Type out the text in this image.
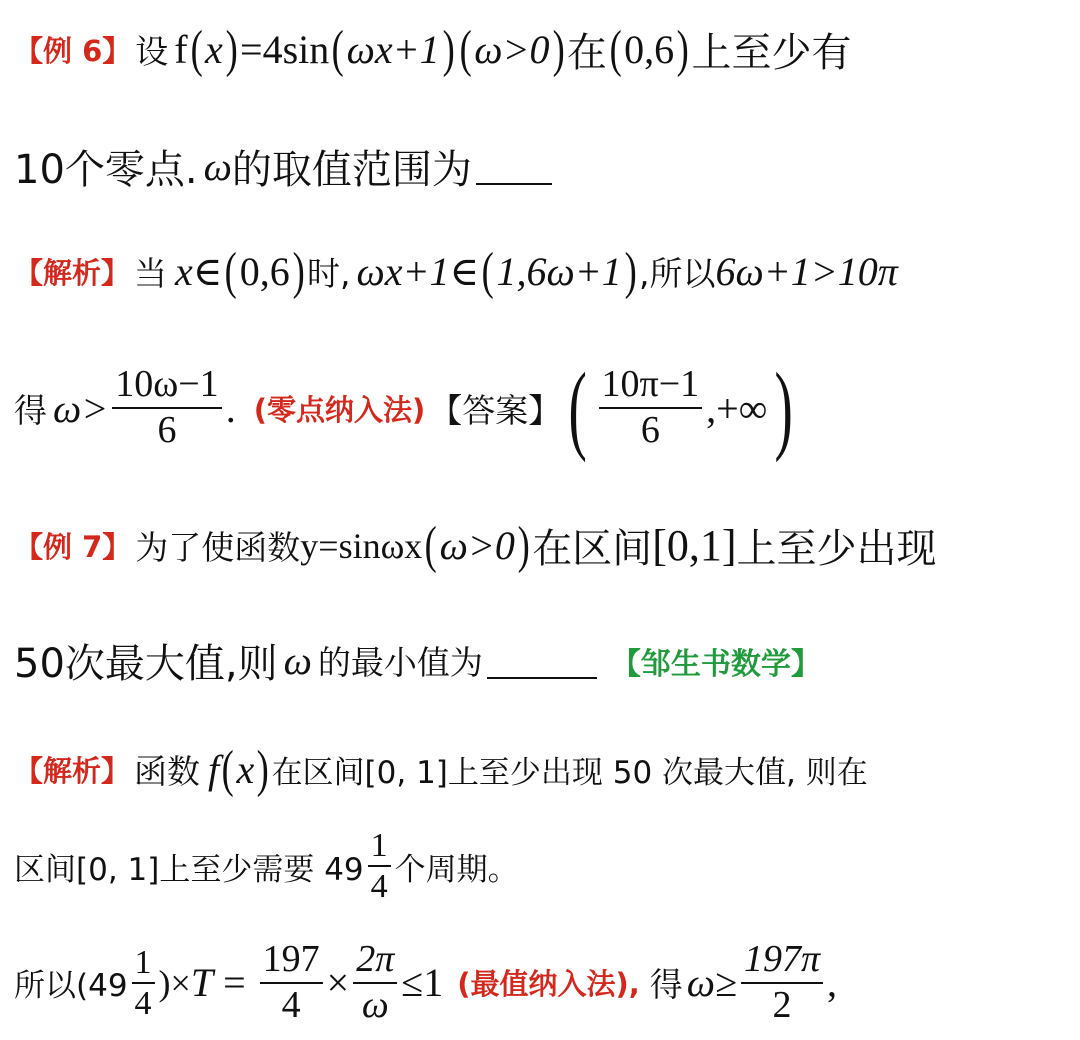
【例 6】 设 f ( x ) =4sin ( ωx+1 ) ( ω>0 ) 在 ( 0,6 ) 上至少有
10个零点. ω 的取值范围为
【解析】 当 x∈ ( 0,6 ) 时, ωx+1∈ ( 1,6ω+1 ) ,所以 6ω+1>10π
得 $\omega> \frac{10\omega-1}{6}$ . (零点纳入法) 【答案】 ( $\frac{10\pi-1}{6}$ ,+∞ )
【例 7】 为了使函数 y=sinωx ( ω>0 ) 在区间 [0,1] 上至少出现
50次最大值,则 ω 的最小值为	【邹生书数学】
【解析】 函数 f ( x ) 在区间[0, 1]上至少出现 50 次最大值, 则在
区间[0, 1]上至少需要 $49 \frac{1}{4}$ 个周期。
所以($49 \frac{1}{4}$ )× $T = \frac{197}{4} \times \frac{2\pi}{\omega} \le 1$ (最值纳入法), 得 $\omega\ge \frac{197\pi}{2}$ ,
